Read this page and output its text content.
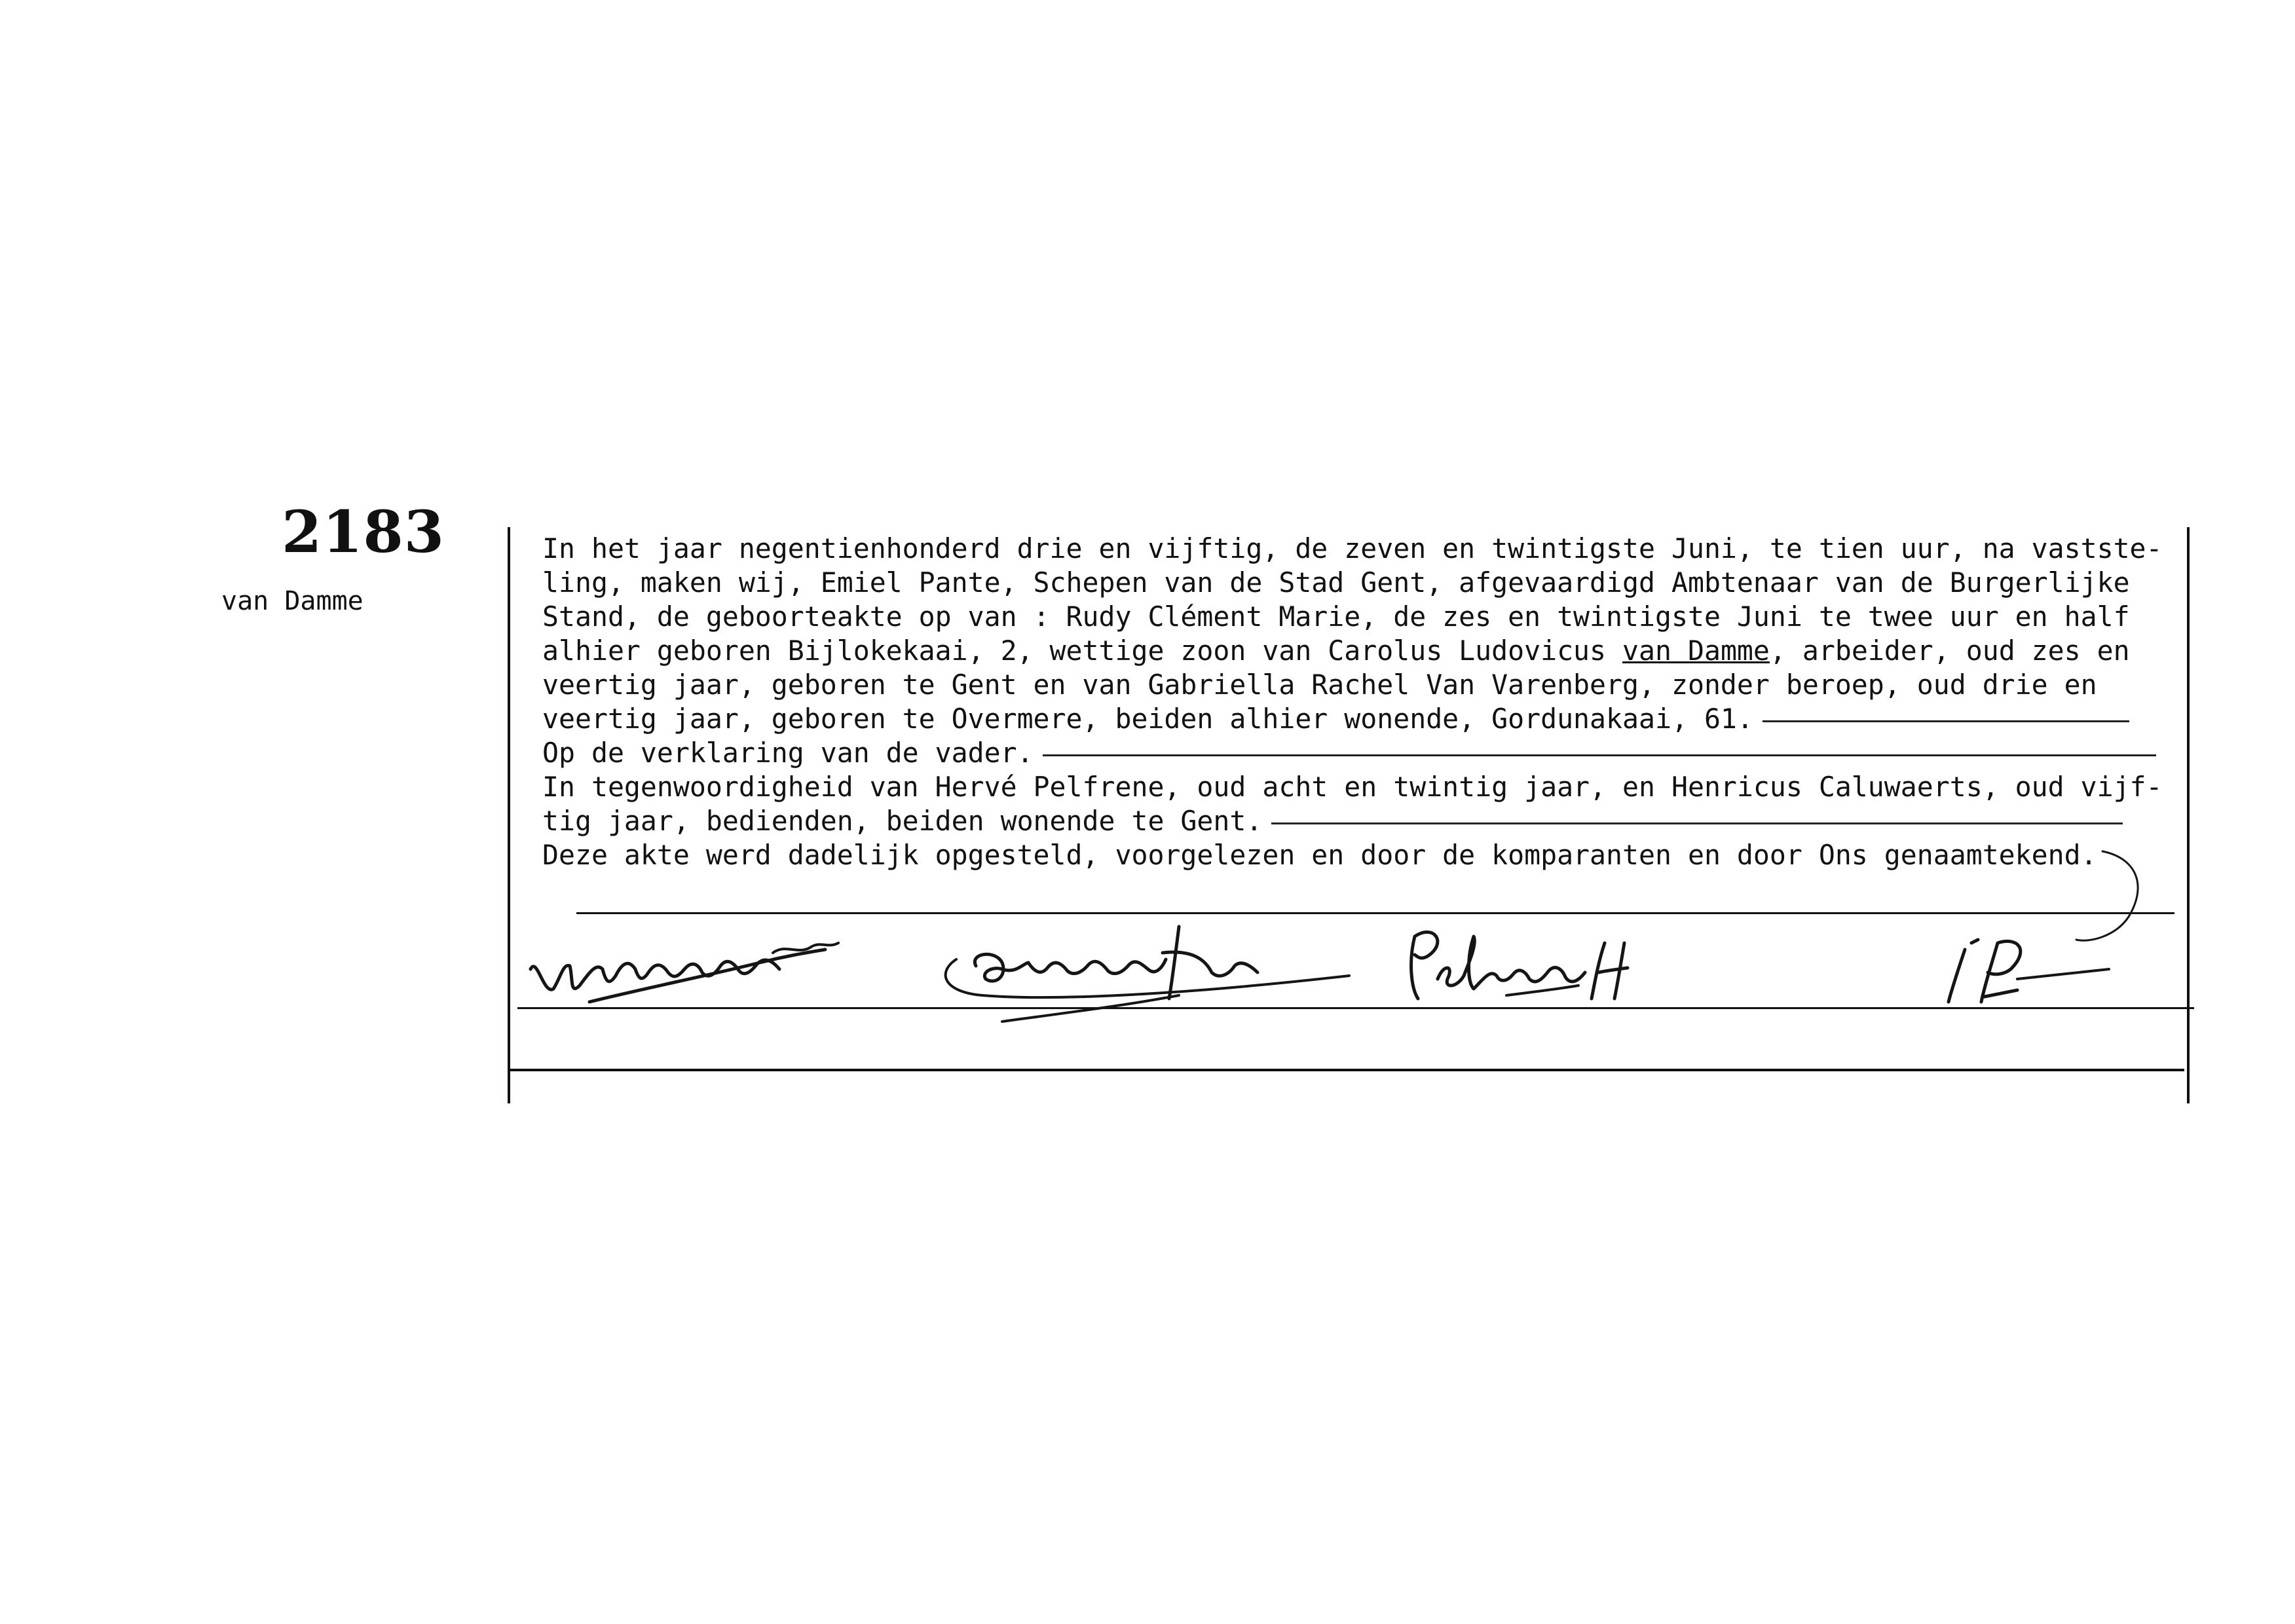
2183
van Damme
In het jaar negentienhonderd drie en vijftig, de zeven en twintigste Juni, te tien uur, na vastste-
ling, maken wij, Emiel Pante, Schepen van de Stad Gent, afgevaardigd Ambtenaar van de Burgerlijke
Stand, de geboorteakte op van : Rudy Clément Marie, de zes en twintigste Juni te twee uur en half
alhier geboren Bijlokekaai, 2, wettige zoon van Carolus Ludovicus van Damme, arbeider, oud zes en
veertig jaar, geboren te Gent en van Gabriella Rachel Van Varenberg, zonder beroep, oud drie en
veertig jaar, geboren te Overmere, beiden alhier wonende, Gordunakaai, 61.
Op de verklaring van de vader.
In tegenwoordigheid van Hervé Pelfrene, oud acht en twintig jaar, en Henricus Caluwaerts, oud vijf-
tig jaar, bedienden, beiden wonende te Gent.
Deze akte werd dadelijk opgesteld, voorgelezen en door de komparanten en door Ons genaamtekend.
